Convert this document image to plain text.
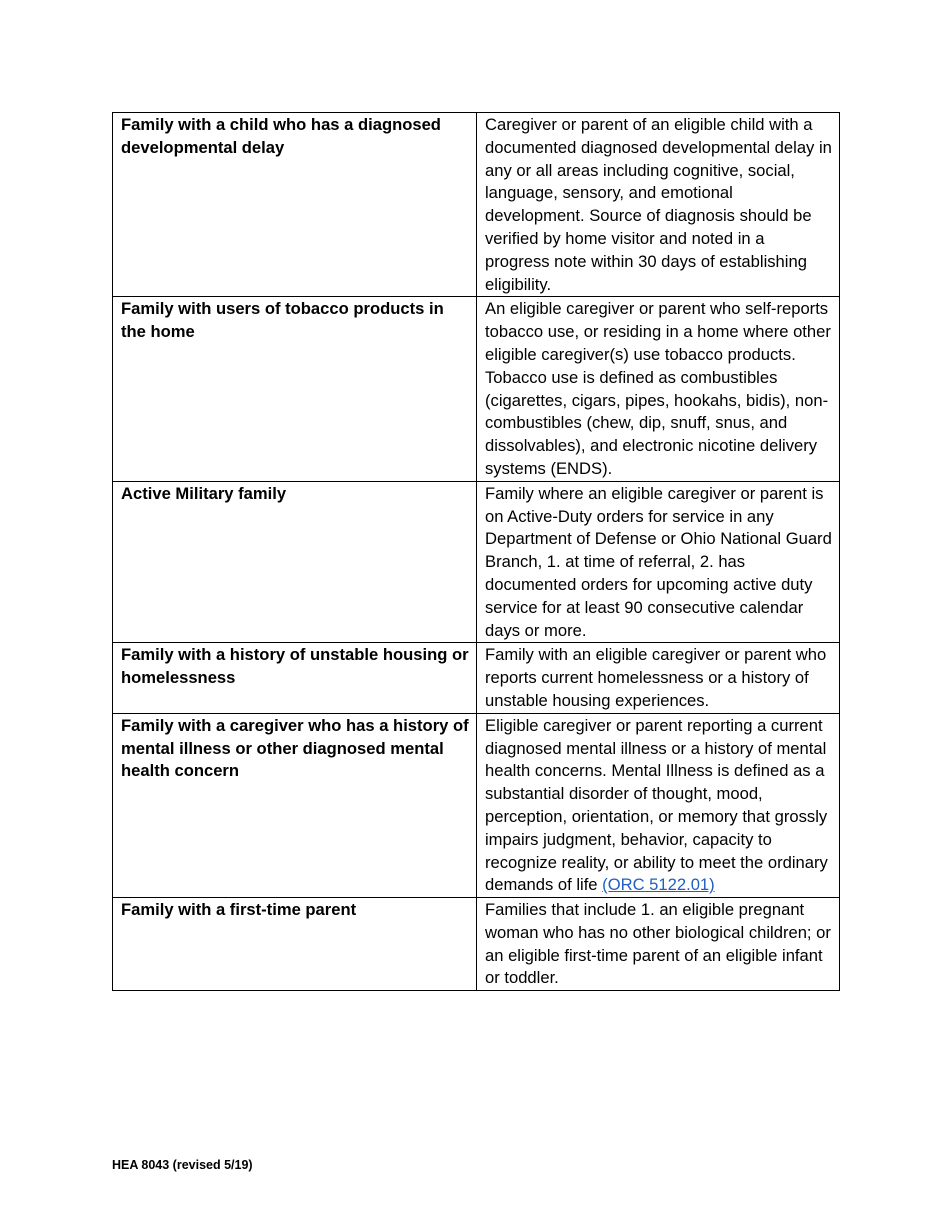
Family with a child who has a diagnosed developmental delay	Caregiver or parent of an eligible child with a documented diagnosed developmental delay in any or all areas including cognitive, social, language, sensory, and emotional development. Source of diagnosis should be verified by home visitor and noted in a progress note within 30 days of establishing eligibility.
Family with users of tobacco products in the home	An eligible caregiver or parent who self-reports tobacco use, or residing in a home where other eligible caregiver(s) use tobacco products. Tobacco use is defined as combustibles (cigarettes, cigars, pipes, hookahs, bidis), non-combustibles (chew, dip, snuff, snus, and dissolvables), and electronic nicotine delivery systems (ENDS).
Active Military family	Family where an eligible caregiver or parent is on Active-Duty orders for service in any Department of Defense or Ohio National Guard Branch, 1. at time of referral, 2. has documented orders for upcoming active duty service for at least 90 consecutive calendar days or more.
Family with a history of unstable housing or homelessness	Family with an eligible caregiver or parent who reports current homelessness or a history of unstable housing experiences.
Family with a caregiver who has a history of mental illness or other diagnosed mental health concern	Eligible caregiver or parent reporting a current diagnosed mental illness or a history of mental health concerns. Mental Illness is defined as a substantial disorder of thought, mood, perception, orientation, or memory that grossly impairs judgment, behavior, capacity to recognize reality, or ability to meet the ordinary demands of life (ORC 5122.01)
Family with a first-time parent	Families that include 1. an eligible pregnant woman who has no other biological children; or an eligible first-time parent of an eligible infant or toddler.
HEA 8043 (revised 5/19)
